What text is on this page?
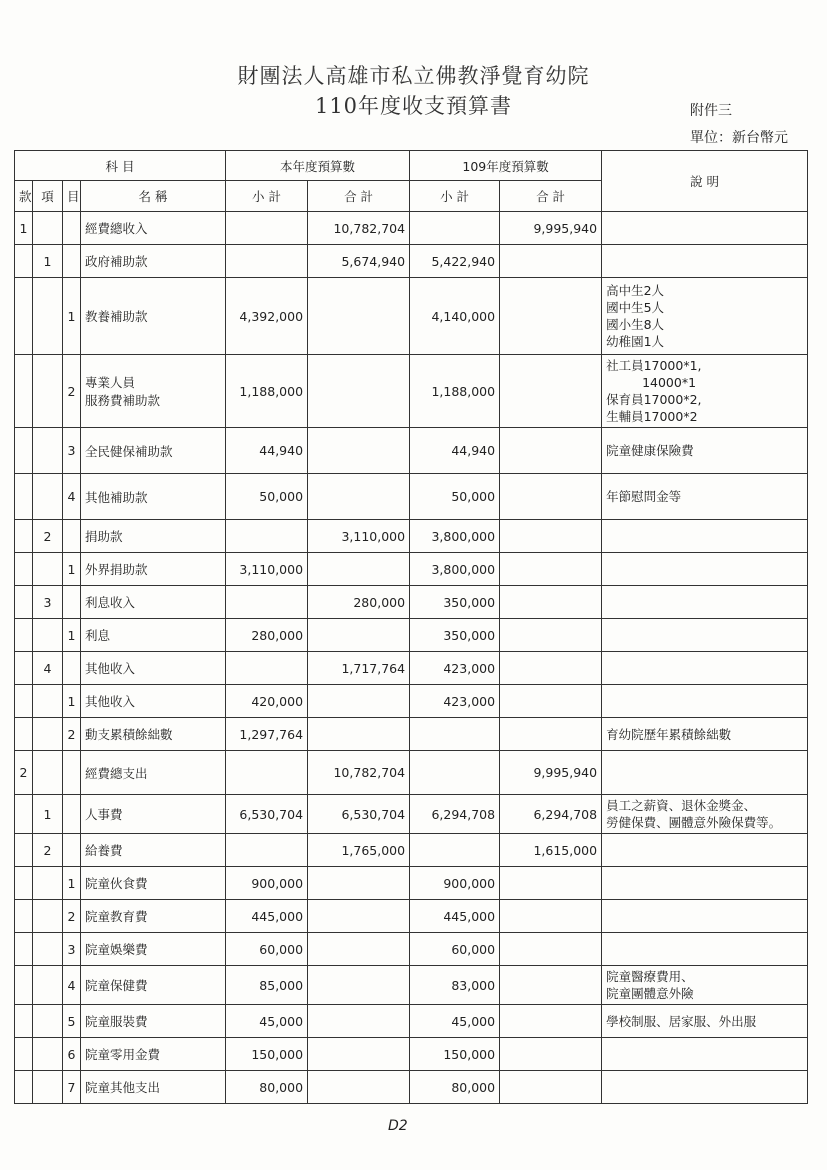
財團法人高雄市私立佛教淨覺育幼院
110年度收支預算書	附件三
單位：新台幣元
科 目				本年度預算數		109年度預算數		說 明
款	項	目	名 稱	小 計	合 計	小 計	合 計	
1			經費總收入		10,782,704		9,995,940	
	1		政府補助款		5,674,940	5,422,940		
		1	教養補助款	4,392,000		4,140,000		高中生2人
國中生5人
國小生8人
幼稚園1人

		2	專業人員
服務費補助款	1,188,000		1,188,000		社工員17000*1,
14000*1
保育員17000*2,
生輔員17000*2

		3	全民健保補助款	44,940		44,940		院童健康保險費

		4	其他補助款	50,000		50,000		年節慰問金等

	2		捐助款		3,110,000	3,800,000		
		1	外界捐助款	3,110,000		3,800,000		
	3		利息收入		280,000	350,000		
		1	利息	280,000		350,000		
	4		其他收入		1,717,764	423,000		
		1	其他收入	420,000		423,000		
		2	動支累積餘絀數	1,297,764				育幼院歷年累積餘絀數

2			經費總支出		10,782,704		9,995,940	
	1		人事費	6,530,704	6,530,704	6,294,708	6,294,708	員工之薪資、退休金獎金、
勞健保費、團體意外險保費等。

	2		給養費		1,765,000		1,615,000	
		1	院童伙食費	900,000		900,000		
		2	院童教育費	445,000		445,000		
		3	院童娛樂費	60,000		60,000		
		4	院童保健費	85,000		83,000		院童醫療費用、
院童團體意外險

		5	院童服裝費	45,000		45,000		學校制服、居家服、外出服

		6	院童零用金費	150,000		150,000		
		7	院童其他支出	80,000		80,000		
D2
